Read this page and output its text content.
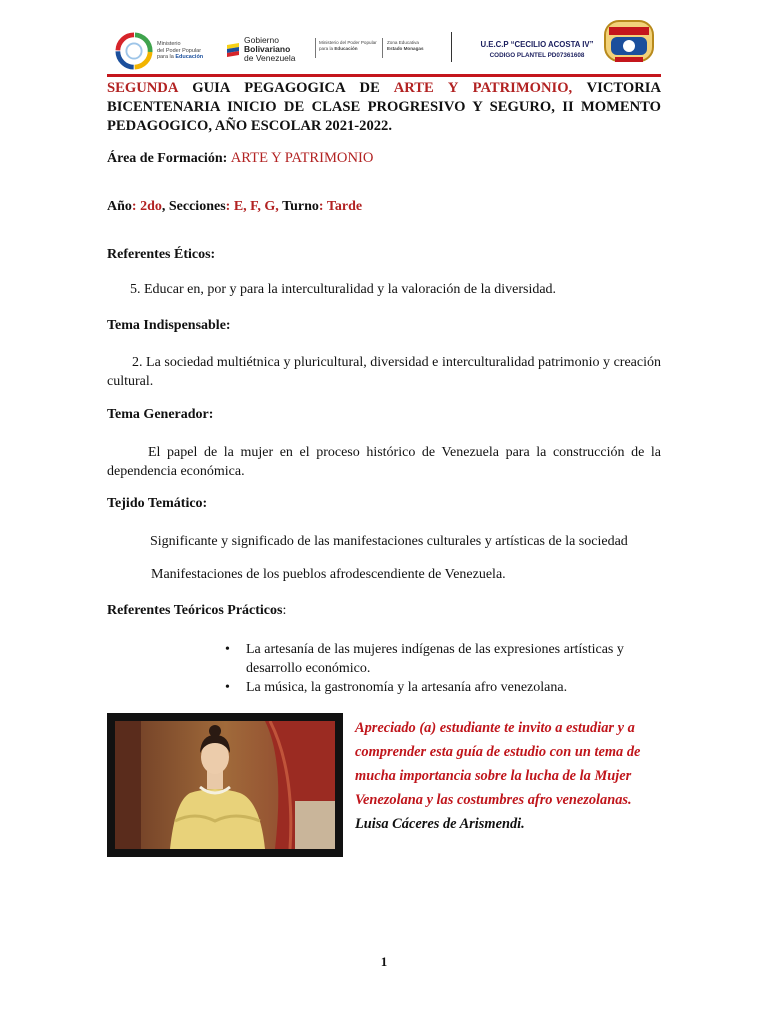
Ministerio
del Poder Popular
para la Educación
Gobierno Bolivariano
de Venezuela
Ministerio del Poder Popular
para la Educación
Zona Educativa
Estado Monagas	U.E.C.P “CECILIO ACOSTA IV”
CODIGO PLANTEL PD07361608

SEGUNDA GUIA PEGAGOGICA DE ARTE Y PATRIMONIO, VICTORIA BICENTENARIA INICIO DE CLASE PROGRESIVO Y SEGURO, II MOMENTO PEDAGOGICO, AÑO ESCOLAR 2021-2022.

Área de Formación: ARTE Y PATRIMONIO

Año: 2do, Secciones: E, F, G, Turno: Tarde

Referentes Éticos:

5. Educar en, por y para la interculturalidad y la valoración de la diversidad.

Tema Indispensable:

2. La sociedad multiétnica y pluricultural, diversidad e interculturalidad patrimonio y creación cultural.

Tema Generador:

El papel de la mujer en el proceso histórico de Venezuela para la construcción de la dependencia económica.

Tejido Temático:

Significante y significado de las manifestaciones culturales y artísticas de la sociedad

Manifestaciones de los pueblos afrodescendiente de Venezuela.

Referentes Teóricos Prácticos:

• La artesanía de las mujeres indígenas de las expresiones artísticas y desarrollo económico.
• La música, la gastronomía y la artesanía afro venezolana.

Apreciado (a) estudiante te invito a estudiar y a comprender esta guía de estudio con un tema de mucha importancia sobre la lucha de la Mujer Venezolana y las costumbres afro venezolanas.
Luisa Cáceres de Arismendi.

1
